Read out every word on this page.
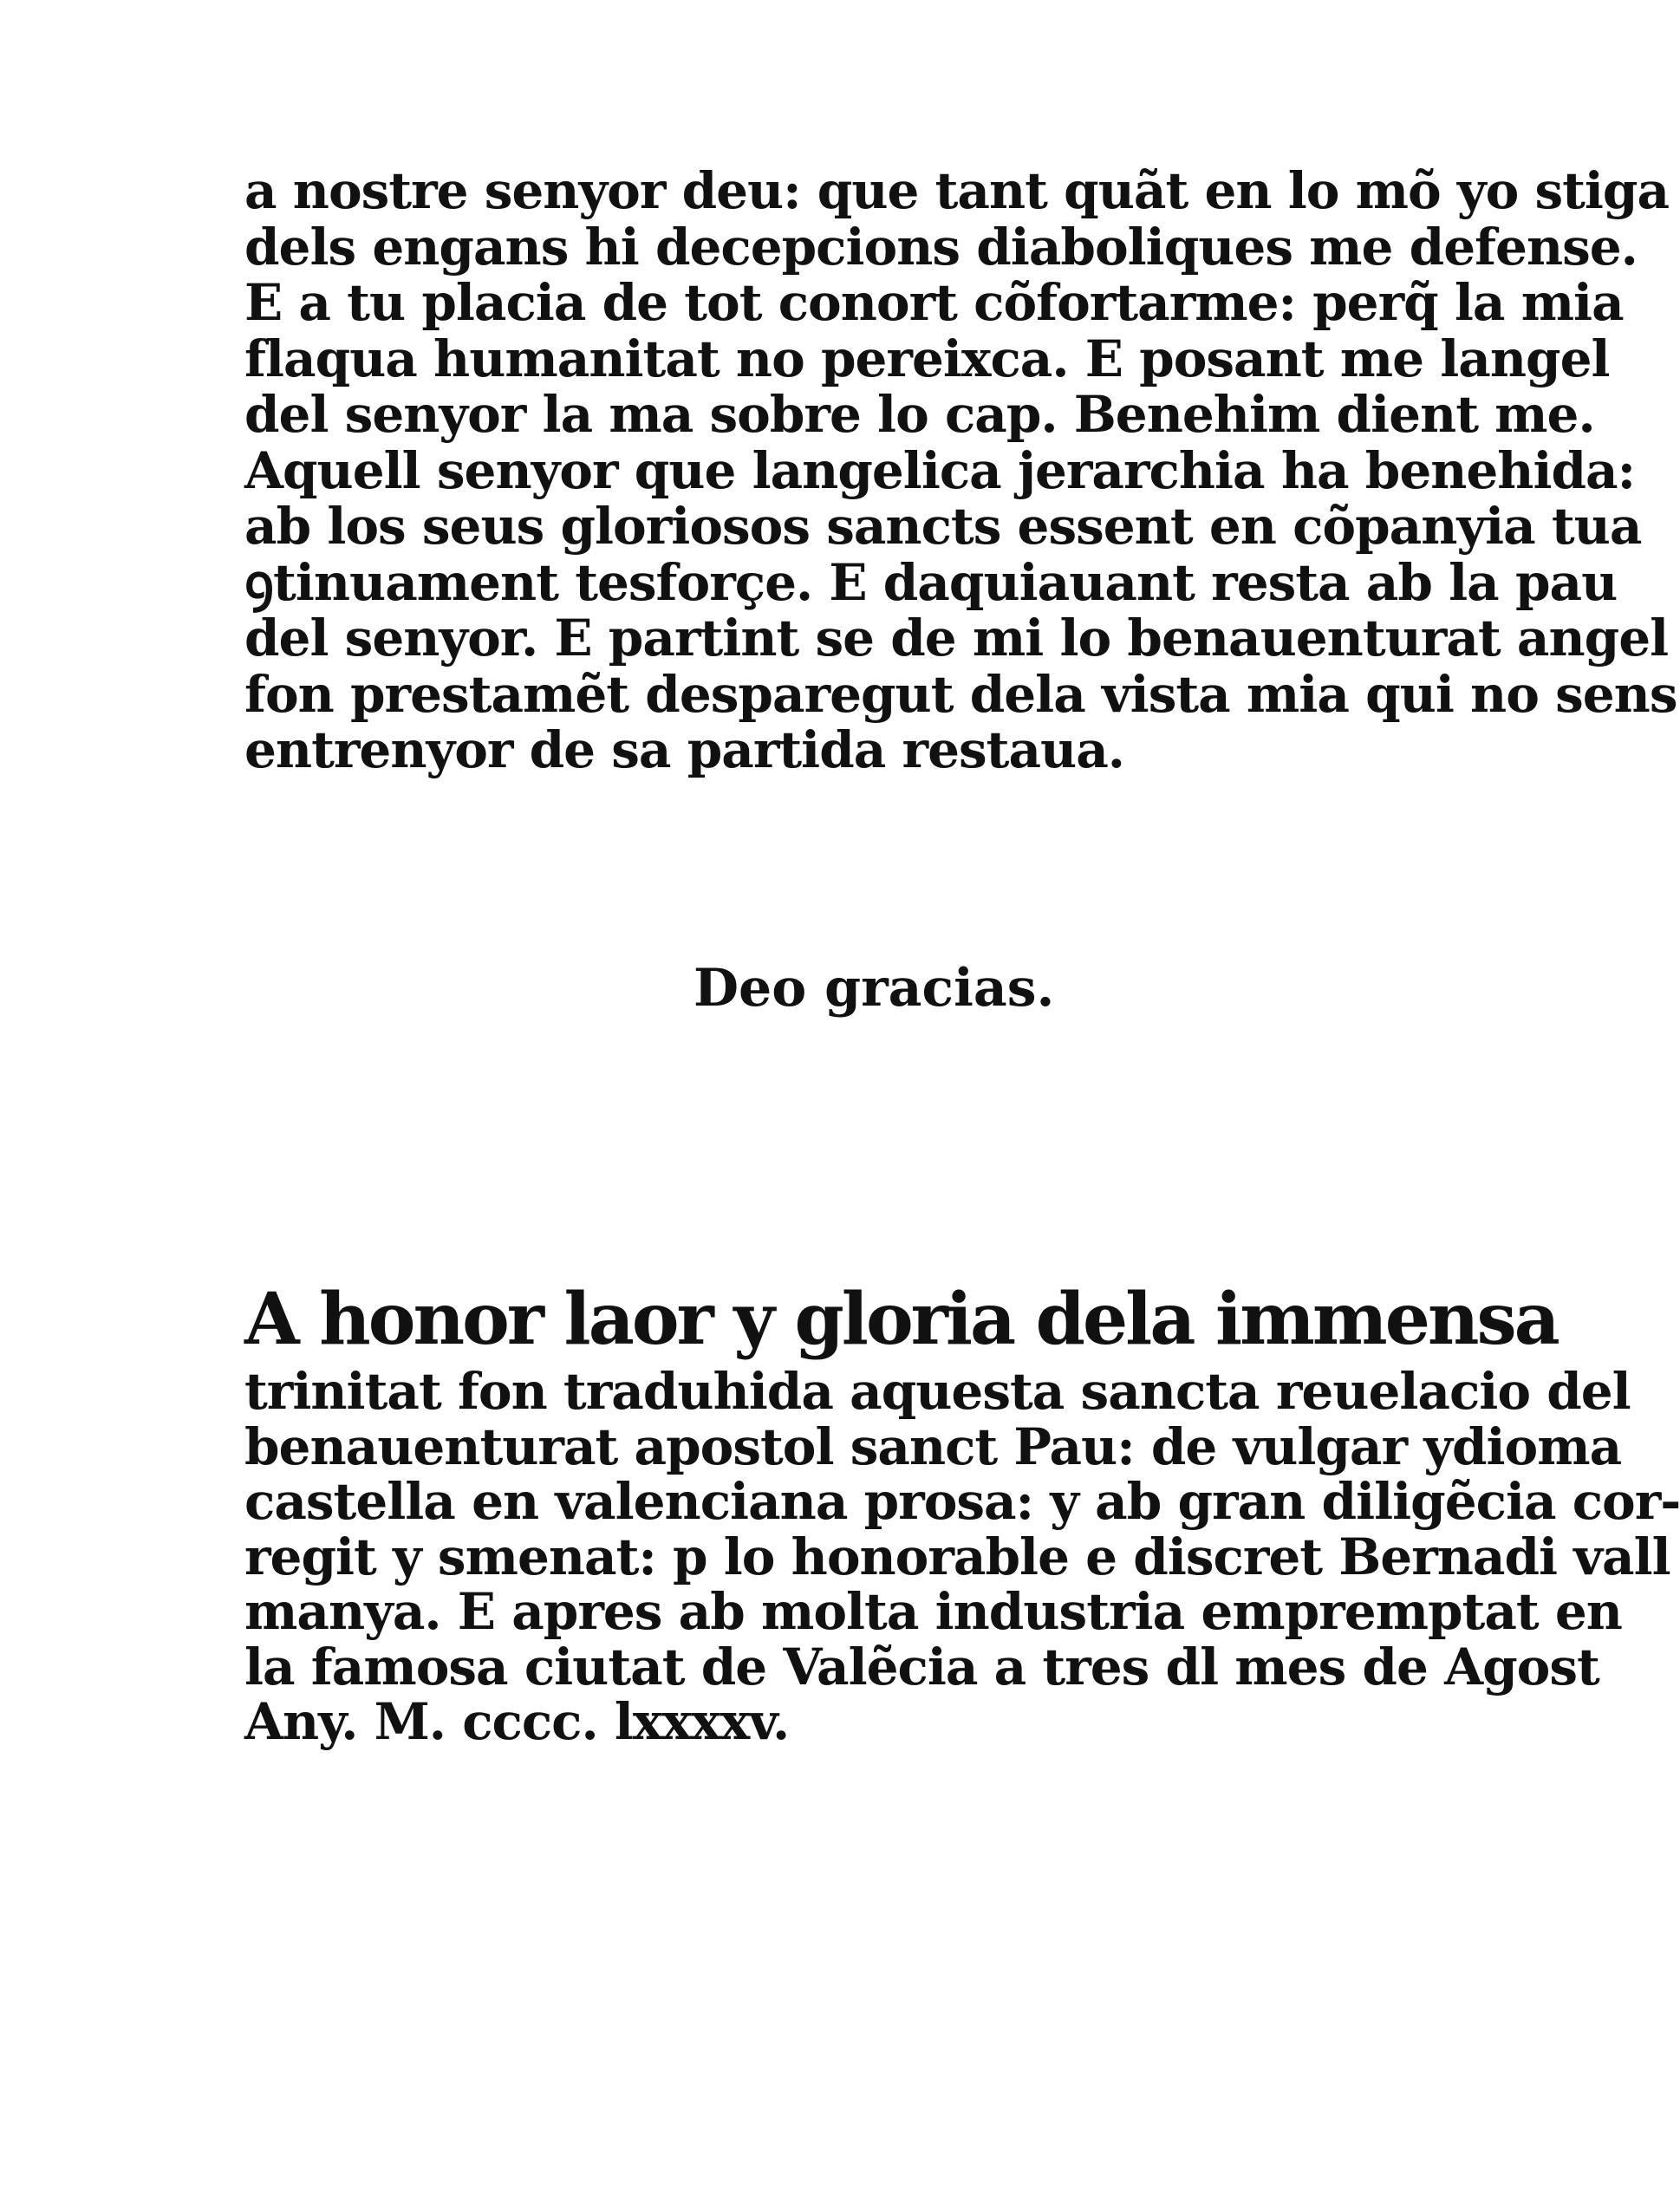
a nostre senyor deu: que tant quãt en lo mõ yo stiga
dels engans hi decepcions diaboliques me defense.
E a tu placia de tot conort cõfortarme: perq̃ la mia
flaqua humanitat no pereixca. E posant me langel
del senyor la ma sobre lo cap. Benehim dient me.
Aquell senyor que langelica jerarchia ha benehida:
ab los seus gloriosos sancts essent en cõpanyia tua
ꝯtinuament tesforçe. E daquiauant resta ab la pau
del senyor. E partint se de mi lo benauenturat angel
fon prestamẽt desparegut dela vista mia qui no sens
entrenyor de sa partida restaua.
Deo gracias.
A honor laor y gloria dela immensa
trinitat fon traduhida aquesta sancta reuelacio del
benauenturat apostol sanct Pau: de vulgar ydioma
castella en valenciana prosa: y ab gran diligẽcia cor-
regit y smenat: p lo honorable e discret Bernadi vall
manya. E apres ab molta industria empremptat en
la famosa ciutat de Valẽcia a tres dl mes de Agost
Any. M. cccc. lxxxxv.
